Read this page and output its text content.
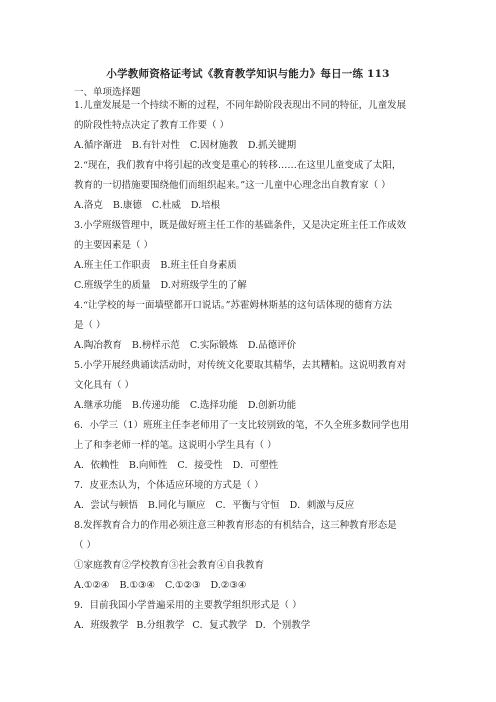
小学教师资格证考试《教育教学知识与能力》每日一练 113
一、单项选择题
1.儿童发展是一个持续不断的过程，不同年龄阶段表现出不同的特征，儿童发展
的阶段性特点决定了教育工作要（ ）
A.循序渐进 B.有针对性 C.因材施教 D.抓关键期
2.“现在，我们教育中将引起的改变是重心的转移……在这里儿童变成了太阳，
教育的一切措施要围绕他们而组织起来。”这一儿童中心理念出自教育家（ ）
A.洛克 B.康德 C.杜威 D.培根
3.小学班级管理中，既是做好班主任工作的基础条件，又是决定班主任工作成效
的主要因素是（ ）
A.班主任工作职责 B.班主任自身素质
C.班级学生的质量 D.对班级学生的了解
4.“让学校的每一面墙壁都开口说话。”苏霍姆林斯基的这句话体现的德育方法
是（ ）
A.陶冶教育 B.榜样示范 C.实际锻炼 D.品德评价
5.小学开展经典诵读活动时，对传统文化要取其精华，去其糟粕。这说明教育对
文化具有（ ）
A.继承功能 B.传递功能 C.选择功能 D.创新功能
6．小学三（1）班班主任李老师用了一支比较别致的笔，不久全班多数同学也用
上了和李老师一样的笔。这说明小学生具有（ ）
A．依赖性 B.向师性 C．接受性 D．可塑性
7．皮亚杰认为，个体适应环境的方式是（ ）
A．尝试与顿悟 B.同化与顺应 C．平衡与守恒 D．刺激与反应
8.发挥教育合力的作用必须注意三种教育形态的有机结合，这三种教育形态是
（ ）
①家庭教育②学校教育③社会教育④自我教育
A.①②④ B.①③④ C.①②③ D.②③④
9．目前我国小学普遍采用的主要教学组织形式是（ ）
A．班级教学 B.分组教学 C．复式教学 D．个别教学
